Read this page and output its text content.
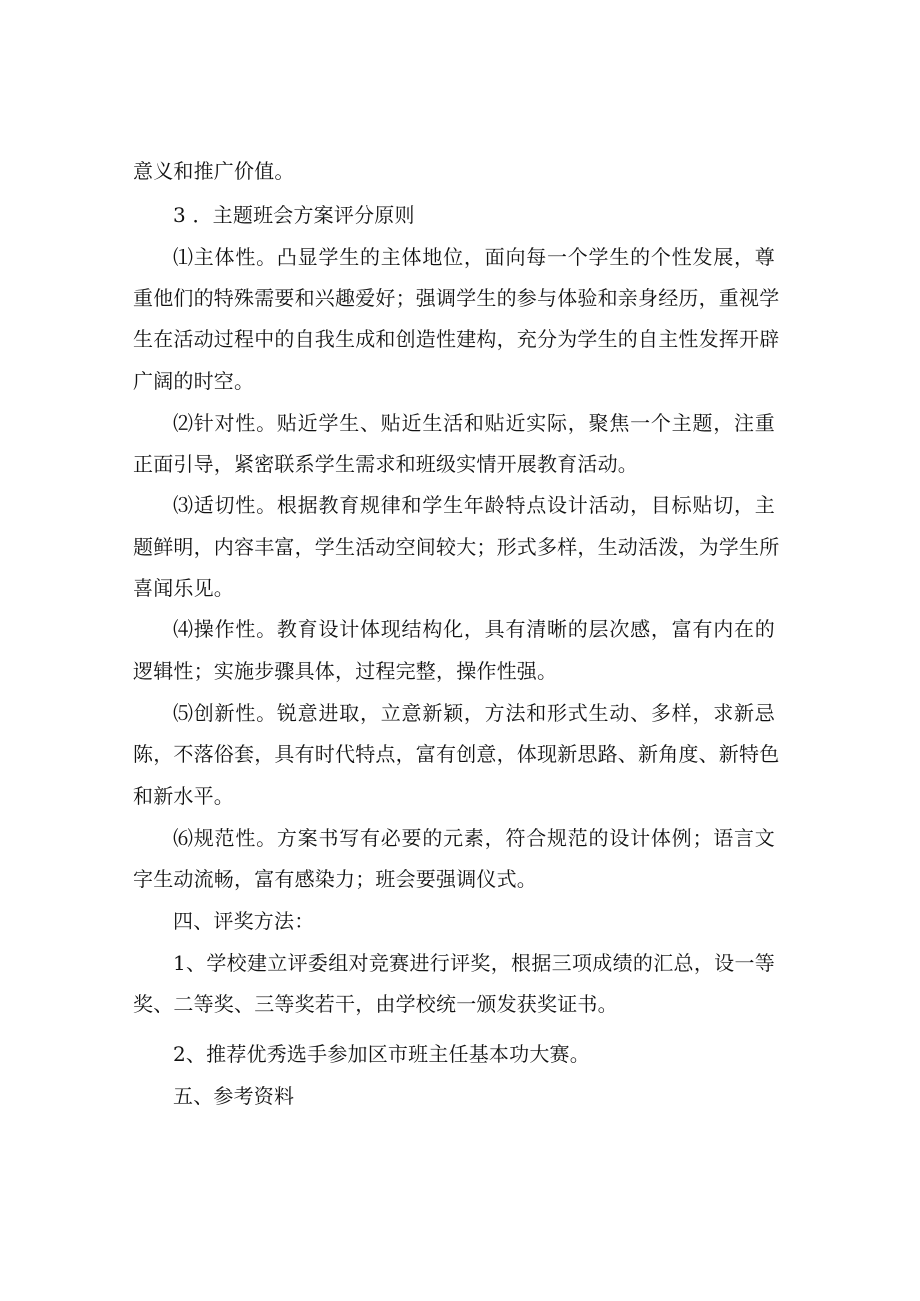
意义和推广价值。
3 ．主题班会方案评分原则
⑴主体性。凸显学生的主体地位，面向每一个学生的个性发展，尊
重他们的特殊需要和兴趣爱好；强调学生的参与体验和亲身经历，重视学
生在活动过程中的自我生成和创造性建构，充分为学生的自主性发挥开辟
广阔的时空。
⑵针对性。贴近学生、贴近生活和贴近实际，聚焦一个主题，注重
正面引导，紧密联系学生需求和班级实情开展教育活动。
⑶适切性。根据教育规律和学生年龄特点设计活动，目标贴切，主
题鲜明，内容丰富，学生活动空间较大；形式多样，生动活泼，为学生所
喜闻乐见。
⑷操作性。教育设计体现结构化，具有清晰的层次感，富有内在的
逻辑性；实施步骤具体，过程完整，操作性强。
⑸创新性。锐意进取，立意新颖，方法和形式生动、多样，求新忌
陈，不落俗套，具有时代特点，富有创意，体现新思路、新角度、新特色
和新水平。
⑹规范性。方案书写有必要的元素，符合规范的设计体例；语言文
字生动流畅，富有感染力；班会要强调仪式。
四、评奖方法：
1、学校建立评委组对竞赛进行评奖，根据三项成绩的汇总，设一等
奖、二等奖、三等奖若干，由学校统一颁发获奖证书。
2、推荐优秀选手参加区市班主任基本功大赛。
五、参考资料
